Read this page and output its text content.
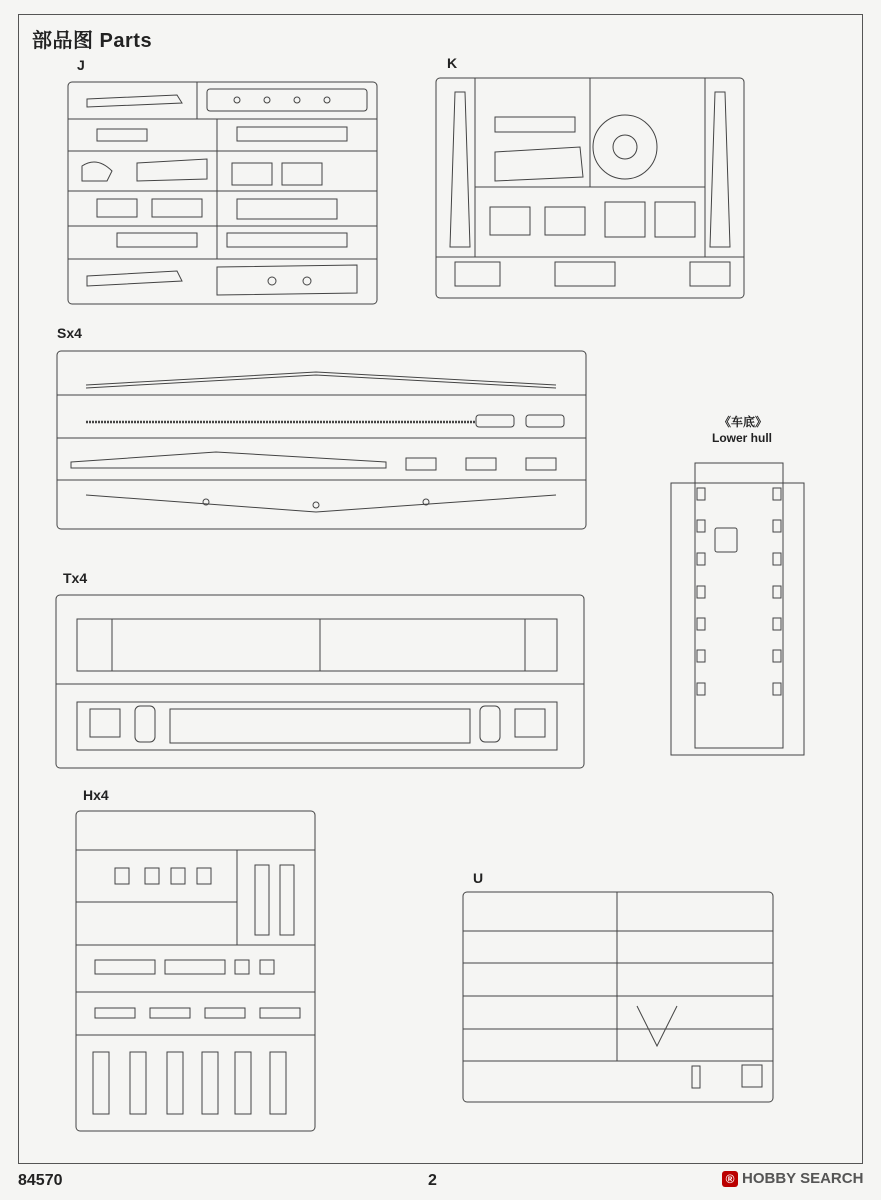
部品图 Parts
J	K
Sx4
Tx4
《车底》
Lower hull
Hx4
U
84570	2	® HOBBY SEARCH
